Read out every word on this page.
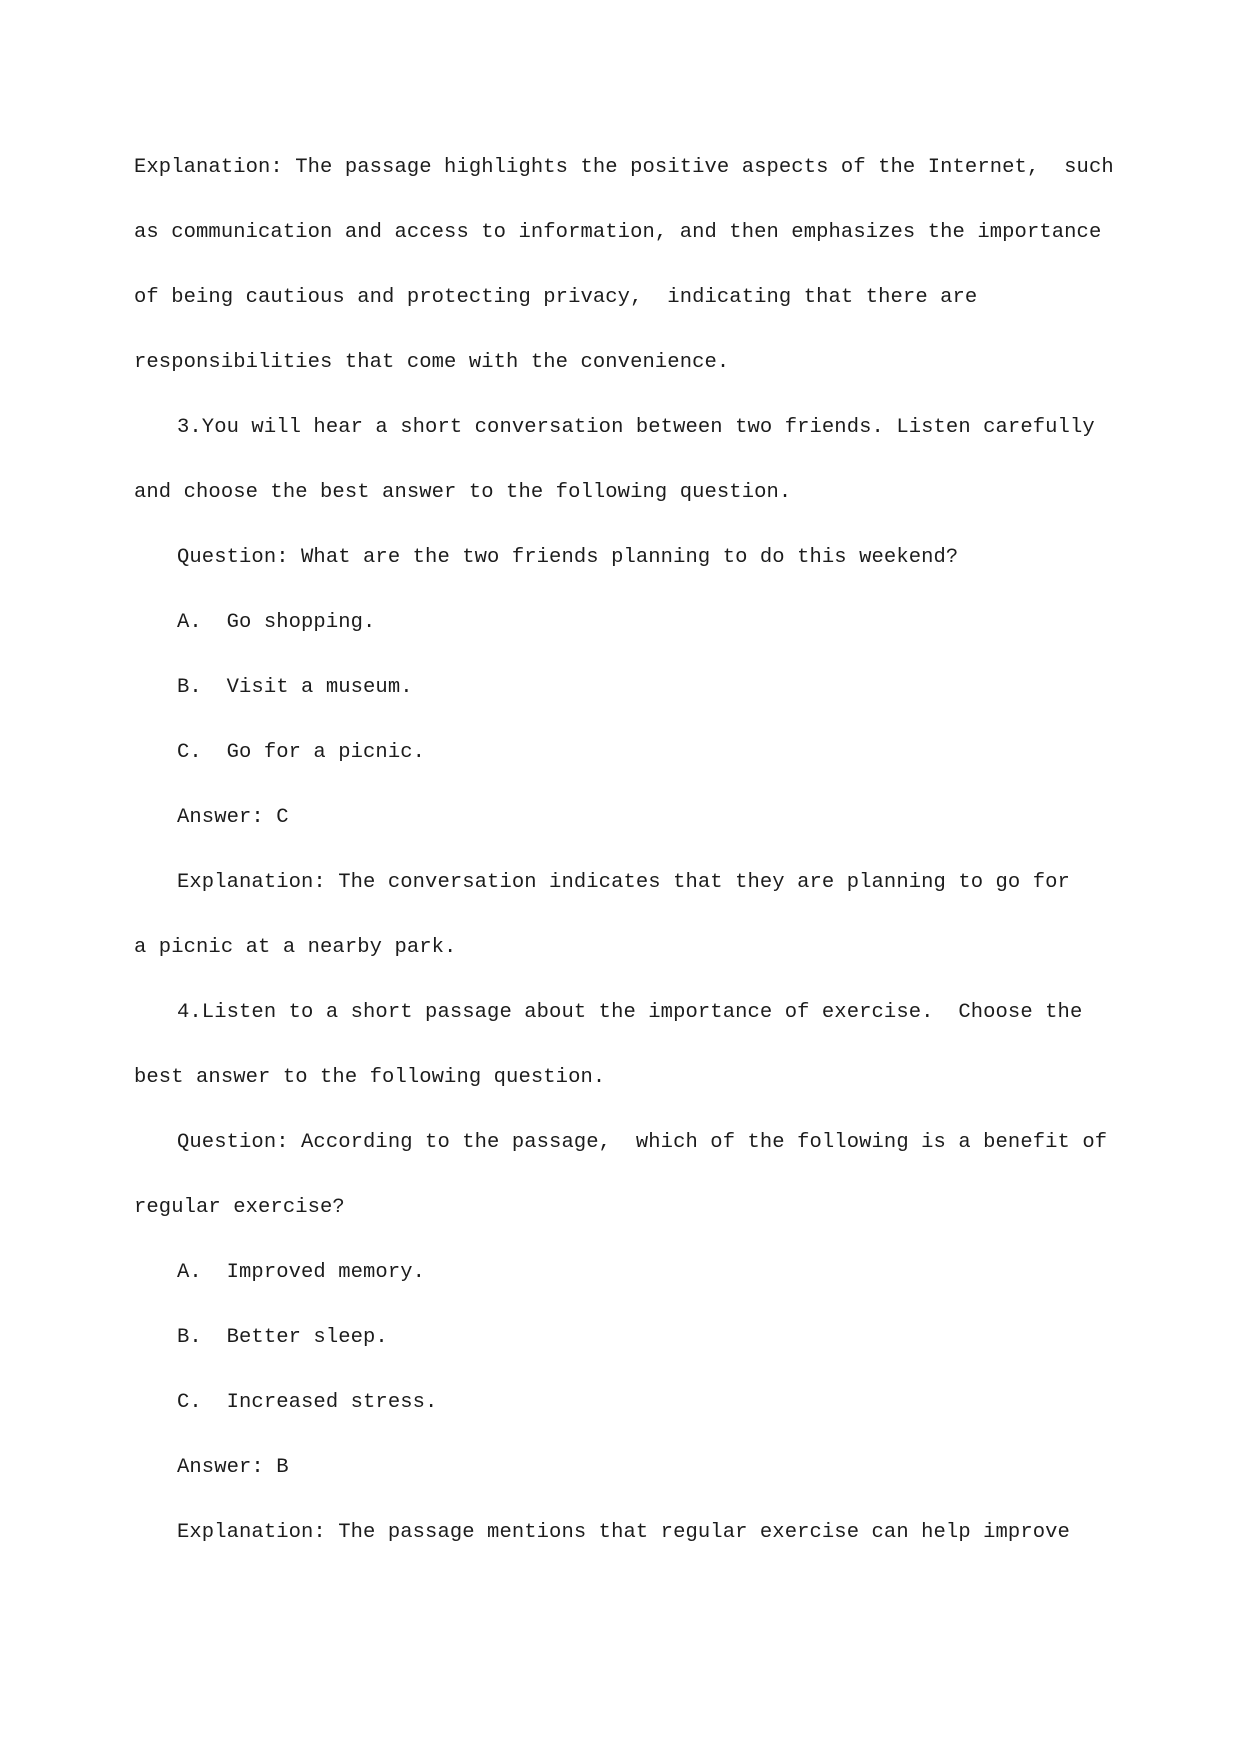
Explanation: The passage highlights the positive aspects of the Internet,  such
as communication and access to information, and then emphasizes the importance
of being cautious and protecting privacy,  indicating that there are
responsibilities that come with the convenience.
3.You will hear a short conversation between two friends. Listen carefully
and choose the best answer to the following question.
Question: What are the two friends planning to do this weekend?
A.  Go shopping.
B.  Visit a museum.
C.  Go for a picnic.
Answer: C
Explanation: The conversation indicates that they are planning to go for
a picnic at a nearby park.
4.Listen to a short passage about the importance of exercise.  Choose the
best answer to the following question.
Question: According to the passage,  which of the following is a benefit of
regular exercise?
A.  Improved memory.
B.  Better sleep.
C.  Increased stress.
Answer: B
Explanation: The passage mentions that regular exercise can help improve
